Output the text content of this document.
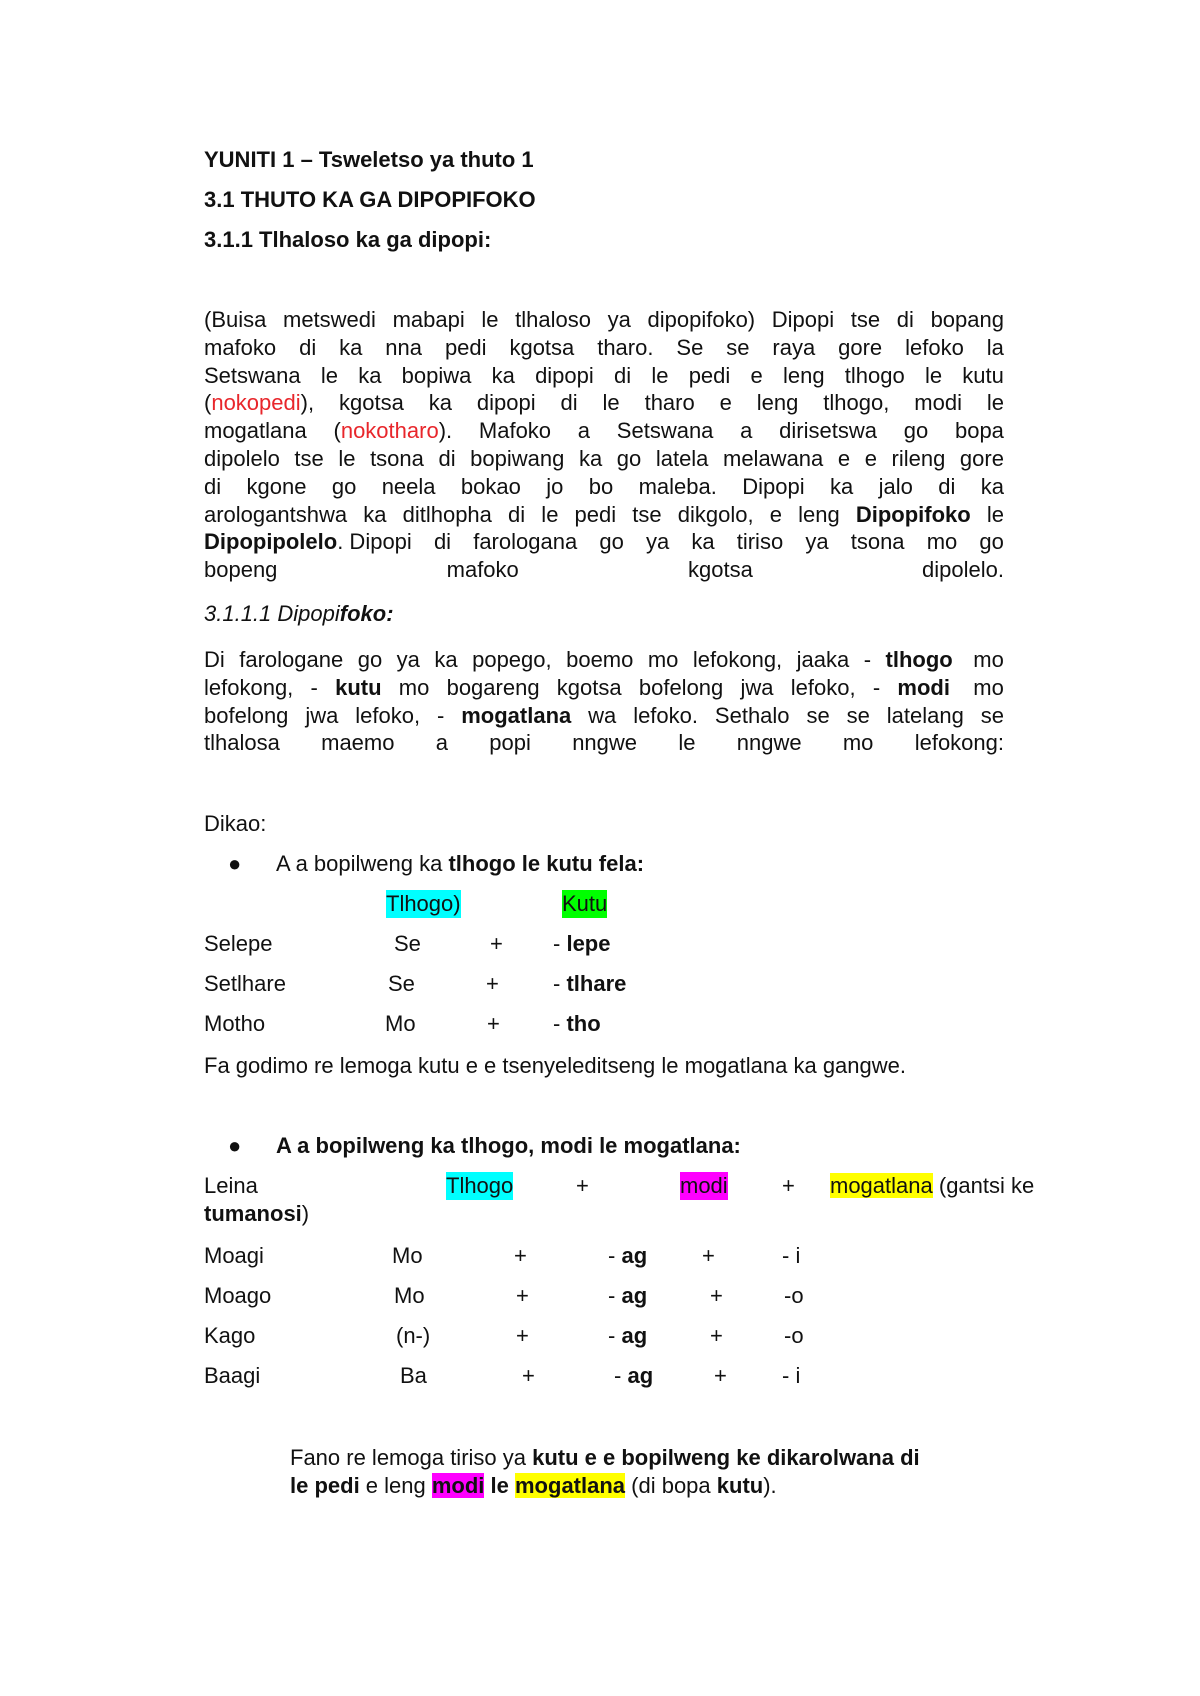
YUNITI 1 – Tsweletso ya thuto 1
3.1 THUTO KA GA DIPOPIFOKO
3.1.1 Tlhaloso ka ga dipopi:
(Buisa metswedi mabapi le tlhaloso ya dipopifoko) Dipopi tse di bopang
mafoko di ka nna pedi kgotsa tharo. Se se raya gore lefoko la
Setswana le ka bopiwa ka dipopi di le pedi e leng tlhogo le kutu
(nokopedi), kgotsa ka dipopi di le tharo e leng tlhogo, modi le
mogatlana (nokotharo). Mafoko a Setswana a dirisetswa go bopa
dipolelo tse le tsona di bopiwang ka go latela melawana e e rileng gore
di kgone go neela bokao jo bo maleba. Dipopi ka jalo di ka
arologantshwa ka ditlhopha di le pedi tse dikgolo, e leng Dipopifoko le
Dipopipolelo. Dipopi di farologana go ya ka tiriso ya tsona mo go
bopeng mafoko kgotsa dipolelo.
3.1.1.1 Dipopifoko:
Di farologane go ya ka popego, boemo mo lefokong, jaaka - tlhogo mo
lefokong, - kutu mo bogareng kgotsa bofelong jwa lefoko, - modi mo
bofelong jwa lefoko, - mogatlana wa lefoko. Sethalo se se latelang se
tlhalosa maemo a popi nngwe le nngwe mo lefokong:
Dikao:
● A a bopilweng ka tlhogo le kutu fela:
Tlhogo)	Kutu
Selepe	Se	+ - lepe
Setlhare	Se	+ - tlhare
Motho	Mo	+ - tho
Fa godimo re lemoga kutu e e tsenyeleditseng le mogatlana ka gangwe.
● A a bopilweng ka tlhogo, modi le mogatlana:
Leina	Tlhogo	+	modi + mogatlana (gantsi ke
tumanosi)
Moagi	Mo	+	- ag +	- i
Moago	Mo	+	- ag	+	-o
Kago	(n-)	+	- ag	+	-o
Baagi	Ba	+	- ag	+	- i
Fano re lemoga tiriso ya kutu e e bopilweng ke dikarolwana di
le pedi e leng modi le mogatlana (di bopa kutu).
